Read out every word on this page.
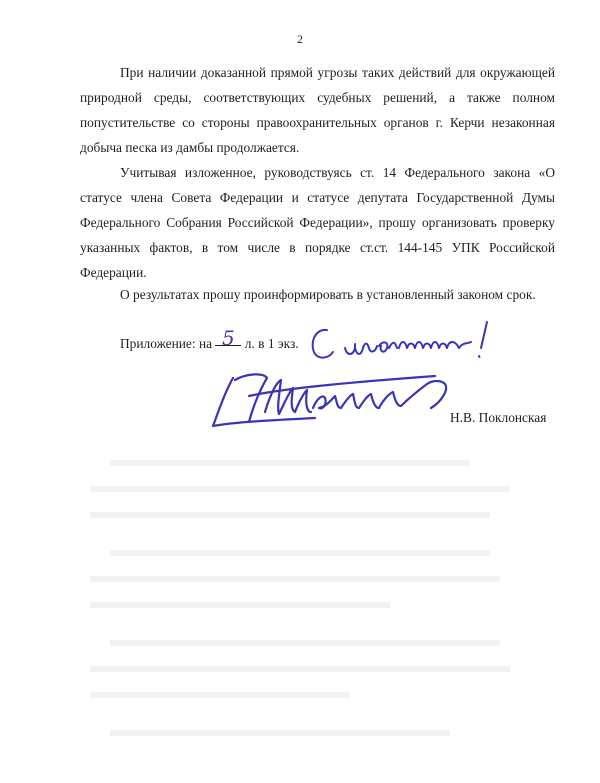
2

При наличии доказанной прямой угрозы таких действий для окружающей природной среды, соответствующих судебных решений, а также полном попустительстве со стороны правоохранительных органов г. Керчи незаконная добыча песка из дамбы продолжается.

Учитывая изложенное, руководствуясь ст. 14 Федерального закона «О статусе члена Совета Федерации и статусе депутата Государственной Думы Федерального Собрания Российской Федерации», прошу организовать проверку указанных фактов, в том числе в порядке ст.ст. 144-145 УПК Российской Федерации.

О результатах прошу проинформировать в установленный законом срок.

Приложение: на 5 л. в 1 экз.
Н.В. Поклонская
